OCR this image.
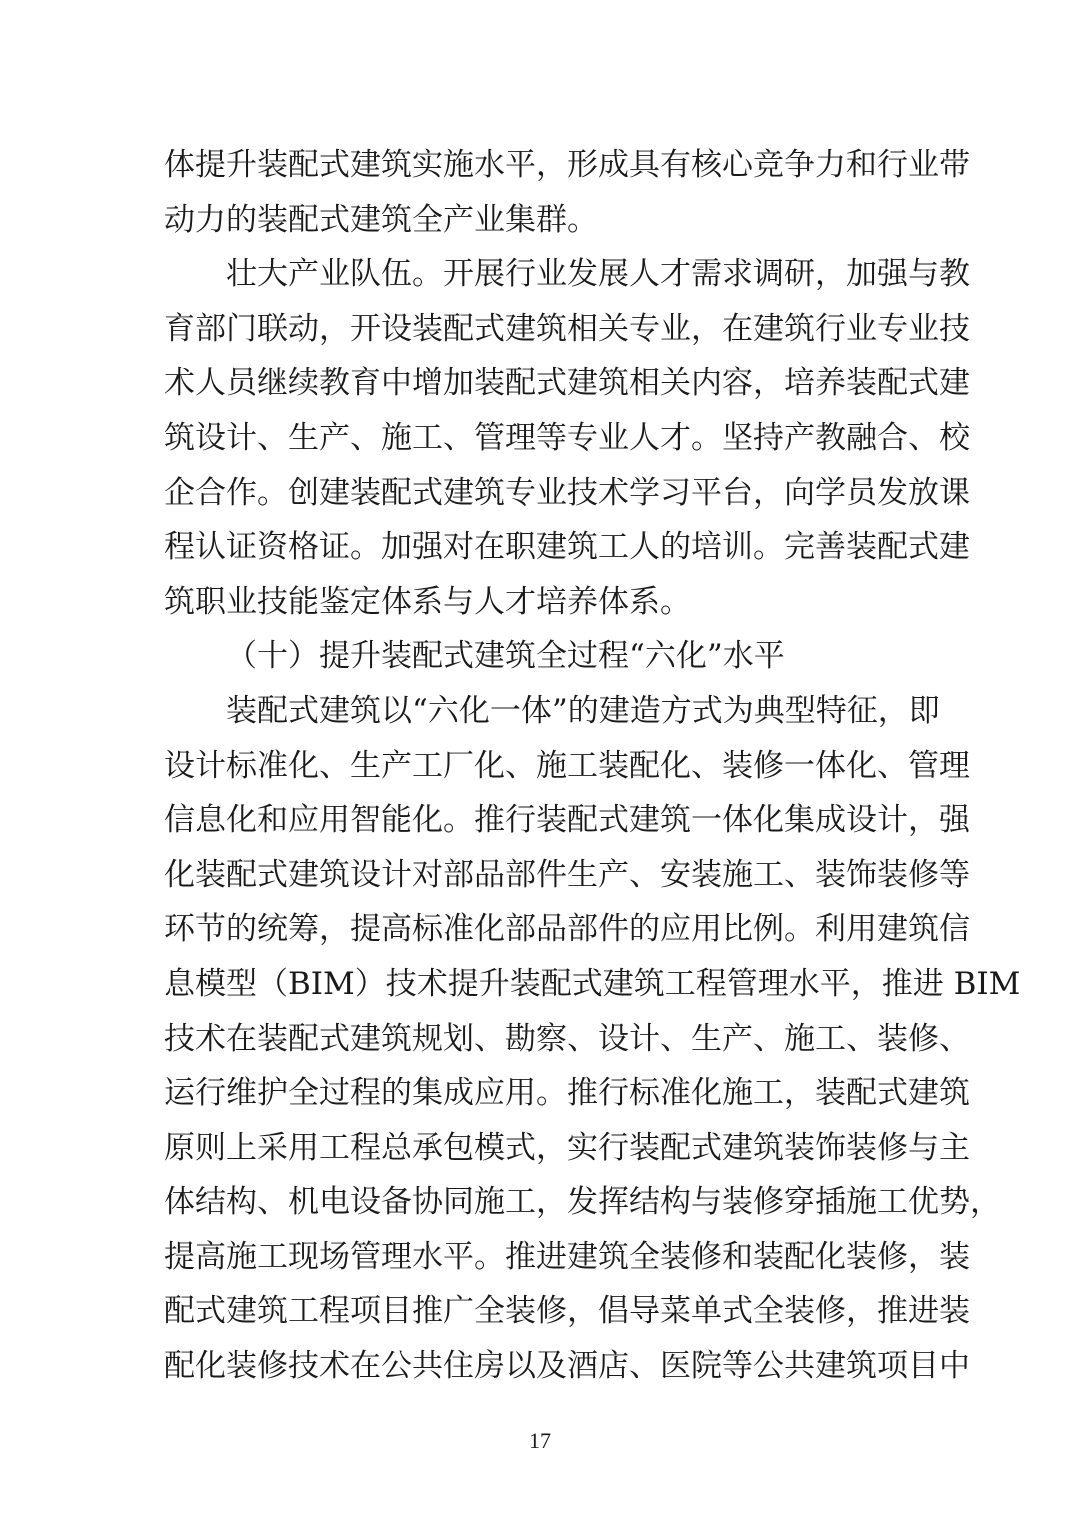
体提升装配式建筑实施水平，形成具有核心竞争力和行业带
动力的装配式建筑全产业集群。
壮大产业队伍。开展行业发展人才需求调研，加强与教
育部门联动，开设装配式建筑相关专业，在建筑行业专业技
术人员继续教育中增加装配式建筑相关内容，培养装配式建
筑设计、生产、施工、管理等专业人才。坚持产教融合、校
企合作。创建装配式建筑专业技术学习平台，向学员发放课
程认证资格证。加强对在职建筑工人的培训。完善装配式建
筑职业技能鉴定体系与人才培养体系。
（十）提升装配式建筑全过程“六化”水平
装配式建筑以“六化一体”的建造方式为典型特征，即
设计标准化、生产工厂化、施工装配化、装修一体化、管理
信息化和应用智能化。推行装配式建筑一体化集成设计，强
化装配式建筑设计对部品部件生产、安装施工、装饰装修等
环节的统筹，提高标准化部品部件的应用比例。利用建筑信
息模型（BIM）技术提升装配式建筑工程管理水平，推进 BIM
技术在装配式建筑规划、勘察、设计、生产、施工、装修、
运行维护全过程的集成应用。推行标准化施工，装配式建筑
原则上采用工程总承包模式，实行装配式建筑装饰装修与主
体结构、机电设备协同施工，发挥结构与装修穿插施工优势，
提高施工现场管理水平。推进建筑全装修和装配化装修，装
配式建筑工程项目推广全装修，倡导菜单式全装修，推进装
配化装修技术在公共住房以及酒店、医院等公共建筑项目中
17
